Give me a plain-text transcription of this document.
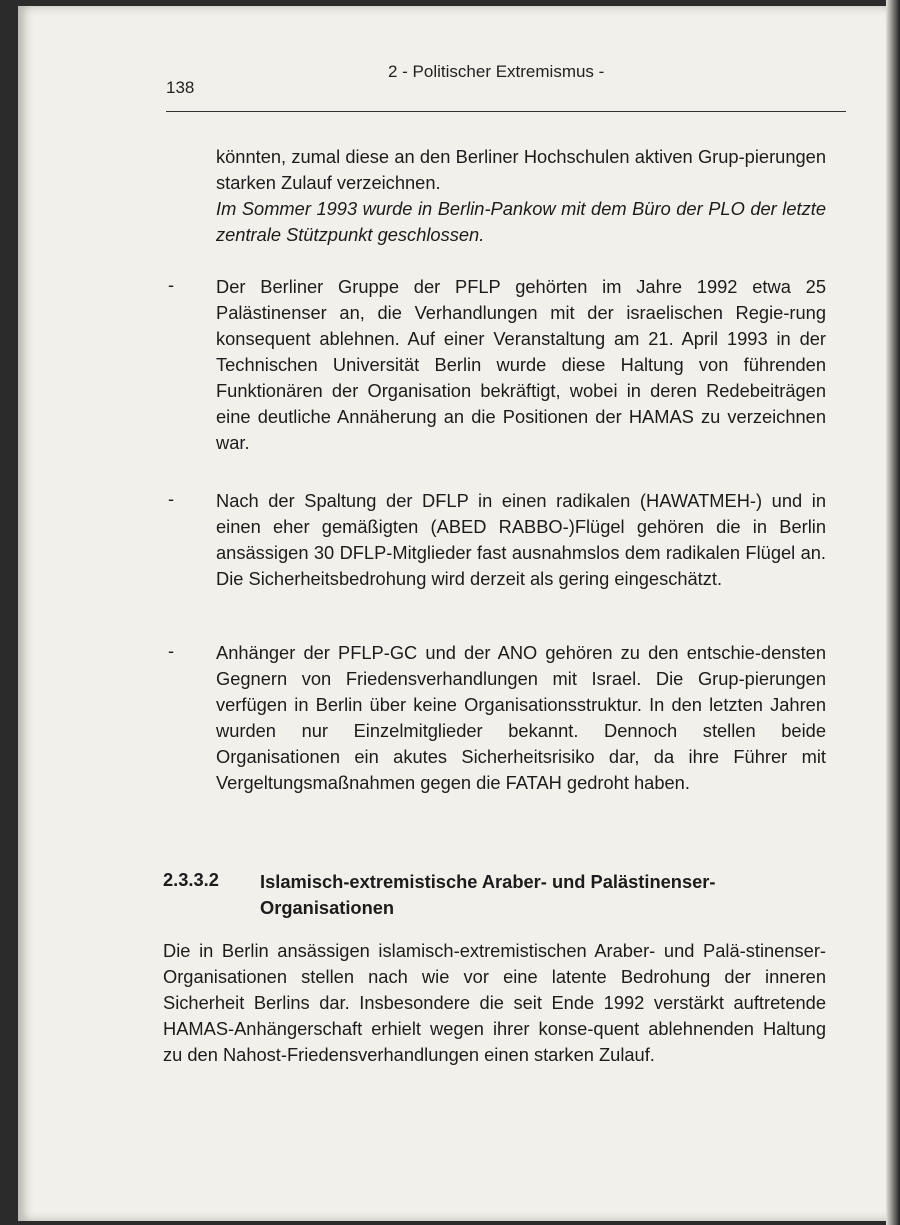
138
2 - Politischer Extremismus -

könnten, zumal diese an den Berliner Hochschulen aktiven Grup-pierungen starken Zulauf verzeichnen.

Im Sommer 1993 wurde in Berlin-Pankow mit dem Büro der PLO der letzte zentrale Stützpunkt geschlossen.

- Der Berliner Gruppe der PFLP gehörten im Jahre 1992 etwa 25 Palästinenser an, die Verhandlungen mit der israelischen Regie-rung konsequent ablehnen. Auf einer Veranstaltung am 21. April 1993 in der Technischen Universität Berlin wurde diese Haltung von führenden Funktionären der Organisation bekräftigt, wobei in deren Redebeiträgen eine deutliche Annäherung an die Positionen der HAMAS zu verzeichnen war.

- Nach der Spaltung der DFLP in einen radikalen (HAWATMEH-) und in einen eher gemäßigten (ABED RABBO-)Flügel gehören die in Berlin ansässigen 30 DFLP-Mitglieder fast ausnahmslos dem radikalen Flügel an. Die Sicherheitsbedrohung wird derzeit als gering eingeschätzt.

- Anhänger der PFLP-GC und der ANO gehören zu den entschie-densten Gegnern von Friedensverhandlungen mit Israel. Die Grup-pierungen verfügen in Berlin über keine Organisationsstruktur. In den letzten Jahren wurden nur Einzelmitglieder bekannt. Dennoch stellen beide Organisationen ein akutes Sicherheitsrisiko dar, da ihre Führer mit Vergeltungsmaßnahmen gegen die FATAH gedroht haben.

2.3.3.2 Islamisch-extremistische Araber- und Palästinenser-Organisationen

Die in Berlin ansässigen islamisch-extremistischen Araber- und Palä-stinenser-Organisationen stellen nach wie vor eine latente Bedrohung der inneren Sicherheit Berlins dar. Insbesondere die seit Ende 1992 verstärkt auftretende HAMAS-Anhängerschaft erhielt wegen ihrer konse-quent ablehnenden Haltung zu den Nahost-Friedensverhandlungen einen starken Zulauf.
